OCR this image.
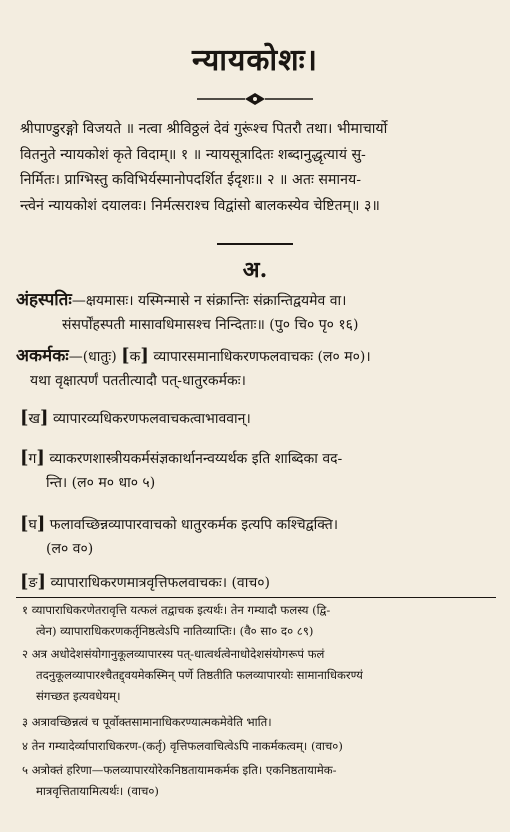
न्यायकोशः।
श्रीपाण्डुरङ्गो विजयते ॥ नत्वा श्रीविठ्ठलं देवं गुरूंश्च पितरौ तथा। भीमाचार्यो
वितनुते न्यायकोशं कृते विदाम्॥ १ ॥ न्यायसूत्रादितः शब्दानुद्धृत्यायं सु-
निर्मितः। प्राग्भिस्तु कविभिर्यस्मानोपदर्शित ईदृशः॥ २ ॥ अतः समानय-
न्त्वेनं न्यायकोशं दयालवः। निर्मत्सराश्च विद्वांसो बालकस्येव चेष्टितम्॥ ३॥
अ.
अंहस्पतिः—क्षयमासः। यस्मिन्मासे न संक्रान्तिः संक्रान्तिद्वयमेव वा।
संसर्पोंहस्पती मासावधिमासश्च निन्दिताः॥ (पु० चि० पृ० १६)
अकर्मकः—(धातुः) [क] व्यापारसमानाधिकरणफलवाचकः (ल० म०)।
यथा वृक्षात्पर्णं पततीत्यादौ पत्-धातुरकर्मकः।
[ख] व्यापारव्यधिकरणफलवाचकत्वाभाववान्।
[ग] व्याकरणशास्त्रीयकर्मसंज्ञकार्थानन्वय्यर्थक इति शाब्दिका वद-
न्ति। (ल० म० धा० ५)
[घ] फलावच्छिन्नव्यापारवाचको धातुरकर्मक इत्यपि कश्चिद्वक्ति।
(ल० व०)
[ङ] व्यापाराधिकरणमात्रवृत्तिफलवाचकः। (वाच०)
१ व्यापाराधिकरणेतरावृत्ति यत्फलं तद्वाचक इत्यर्थः। तेन गम्यादौ फलस्य (द्वि-
त्वेन) व्यापाराधिकरणकर्तृनिष्ठत्वेऽपि नातिव्याप्तिः। (वै० सा० द० ८९)
२ अत्र अधोदेशसंयोगानुकूलव्यापारस्य पत्-धात्वर्थत्वेनाधोदेशसंयोगरूपं फलं
तदनुकूलव्यापारश्चैतद्द्वयमेकस्मिन् पर्णे तिष्ठतीति फलव्यापारयोः सामानाधिकरण्यं
संगच्छत इत्यवधेयम्।
३ अत्रावच्छिन्नत्वं च पूर्वोक्तसामानाधिकरण्यात्मकमेवेति भाति।
४ तेन गम्यादेर्व्यापाराधिकरण-(कर्तृ) वृत्तिफलवाचित्वेऽपि नाकर्मकत्वम्। (वाच०)
५ अत्रोक्तं हरिणा—फलव्यापारयोरेकनिष्ठतायामकर्मक इति। एकनिष्ठतायामेक-
मात्रवृत्तितायामित्यर्थः। (वाच०)
